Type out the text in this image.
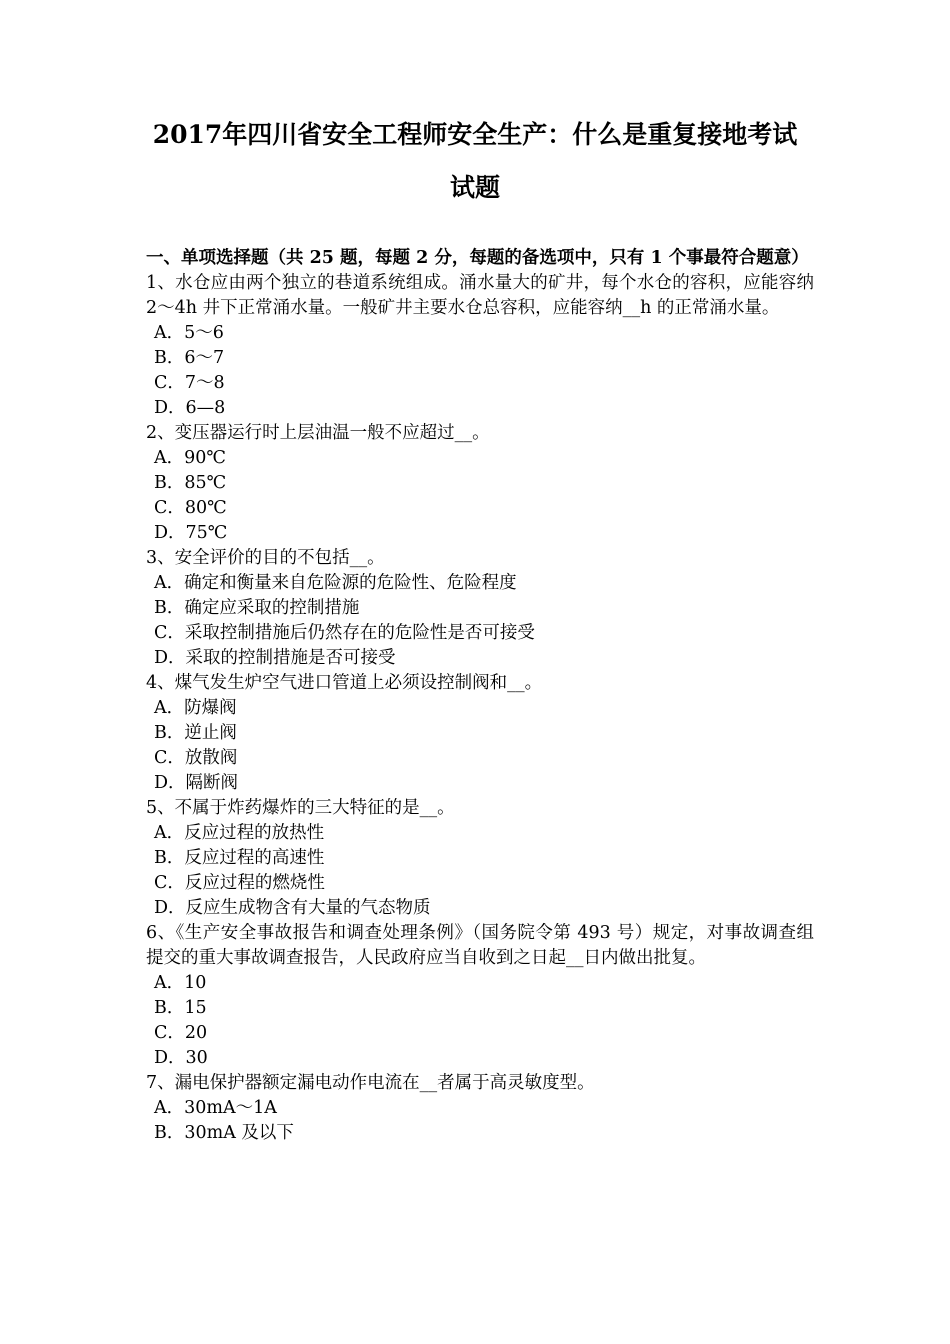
2017年四川省安全工程师安全生产：什么是重复接地考试
试题

一、单项选择题（共 25 题，每题 2 分，每题的备选项中，只有 1 个事最符合题意）

1、水仓应由两个独立的巷道系统组成。涌水量大的矿井，每个水仓的容积，应能容纳 2～4h 井下正常涌水量。一般矿井主要水仓总容积，应能容纳__h 的正常涌水量。

A．5～6

B．6～7

C．7～8

D．6—8

2、变压器运行时上层油温一般不应超过__。

A．90℃

B．85℃

C．80℃

D．75℃

3、安全评价的目的不包括__。

A．确定和衡量来自危险源的危险性、危险程度

B．确定应采取的控制措施

C．采取控制措施后仍然存在的危险性是否可接受

D．采取的控制措施是否可接受

4、煤气发生炉空气进口管道上必须设控制阀和__。

A．防爆阀

B．逆止阀

C．放散阀

D．隔断阀

5、不属于炸药爆炸的三大特征的是__。

A．反应过程的放热性

B．反应过程的高速性

C．反应过程的燃烧性

D．反应生成物含有大量的气态物质

6、《生产安全事故报告和调查处理条例》（国务院令第 493 号）规定，对事故调查组提交的重大事故调查报告，人民政府应当自收到之日起__日内做出批复。

A．10

B．15

C．20

D．30

7、漏电保护器额定漏电动作电流在__者属于高灵敏度型。

A．30mA～1A

B．30mA 及以下
